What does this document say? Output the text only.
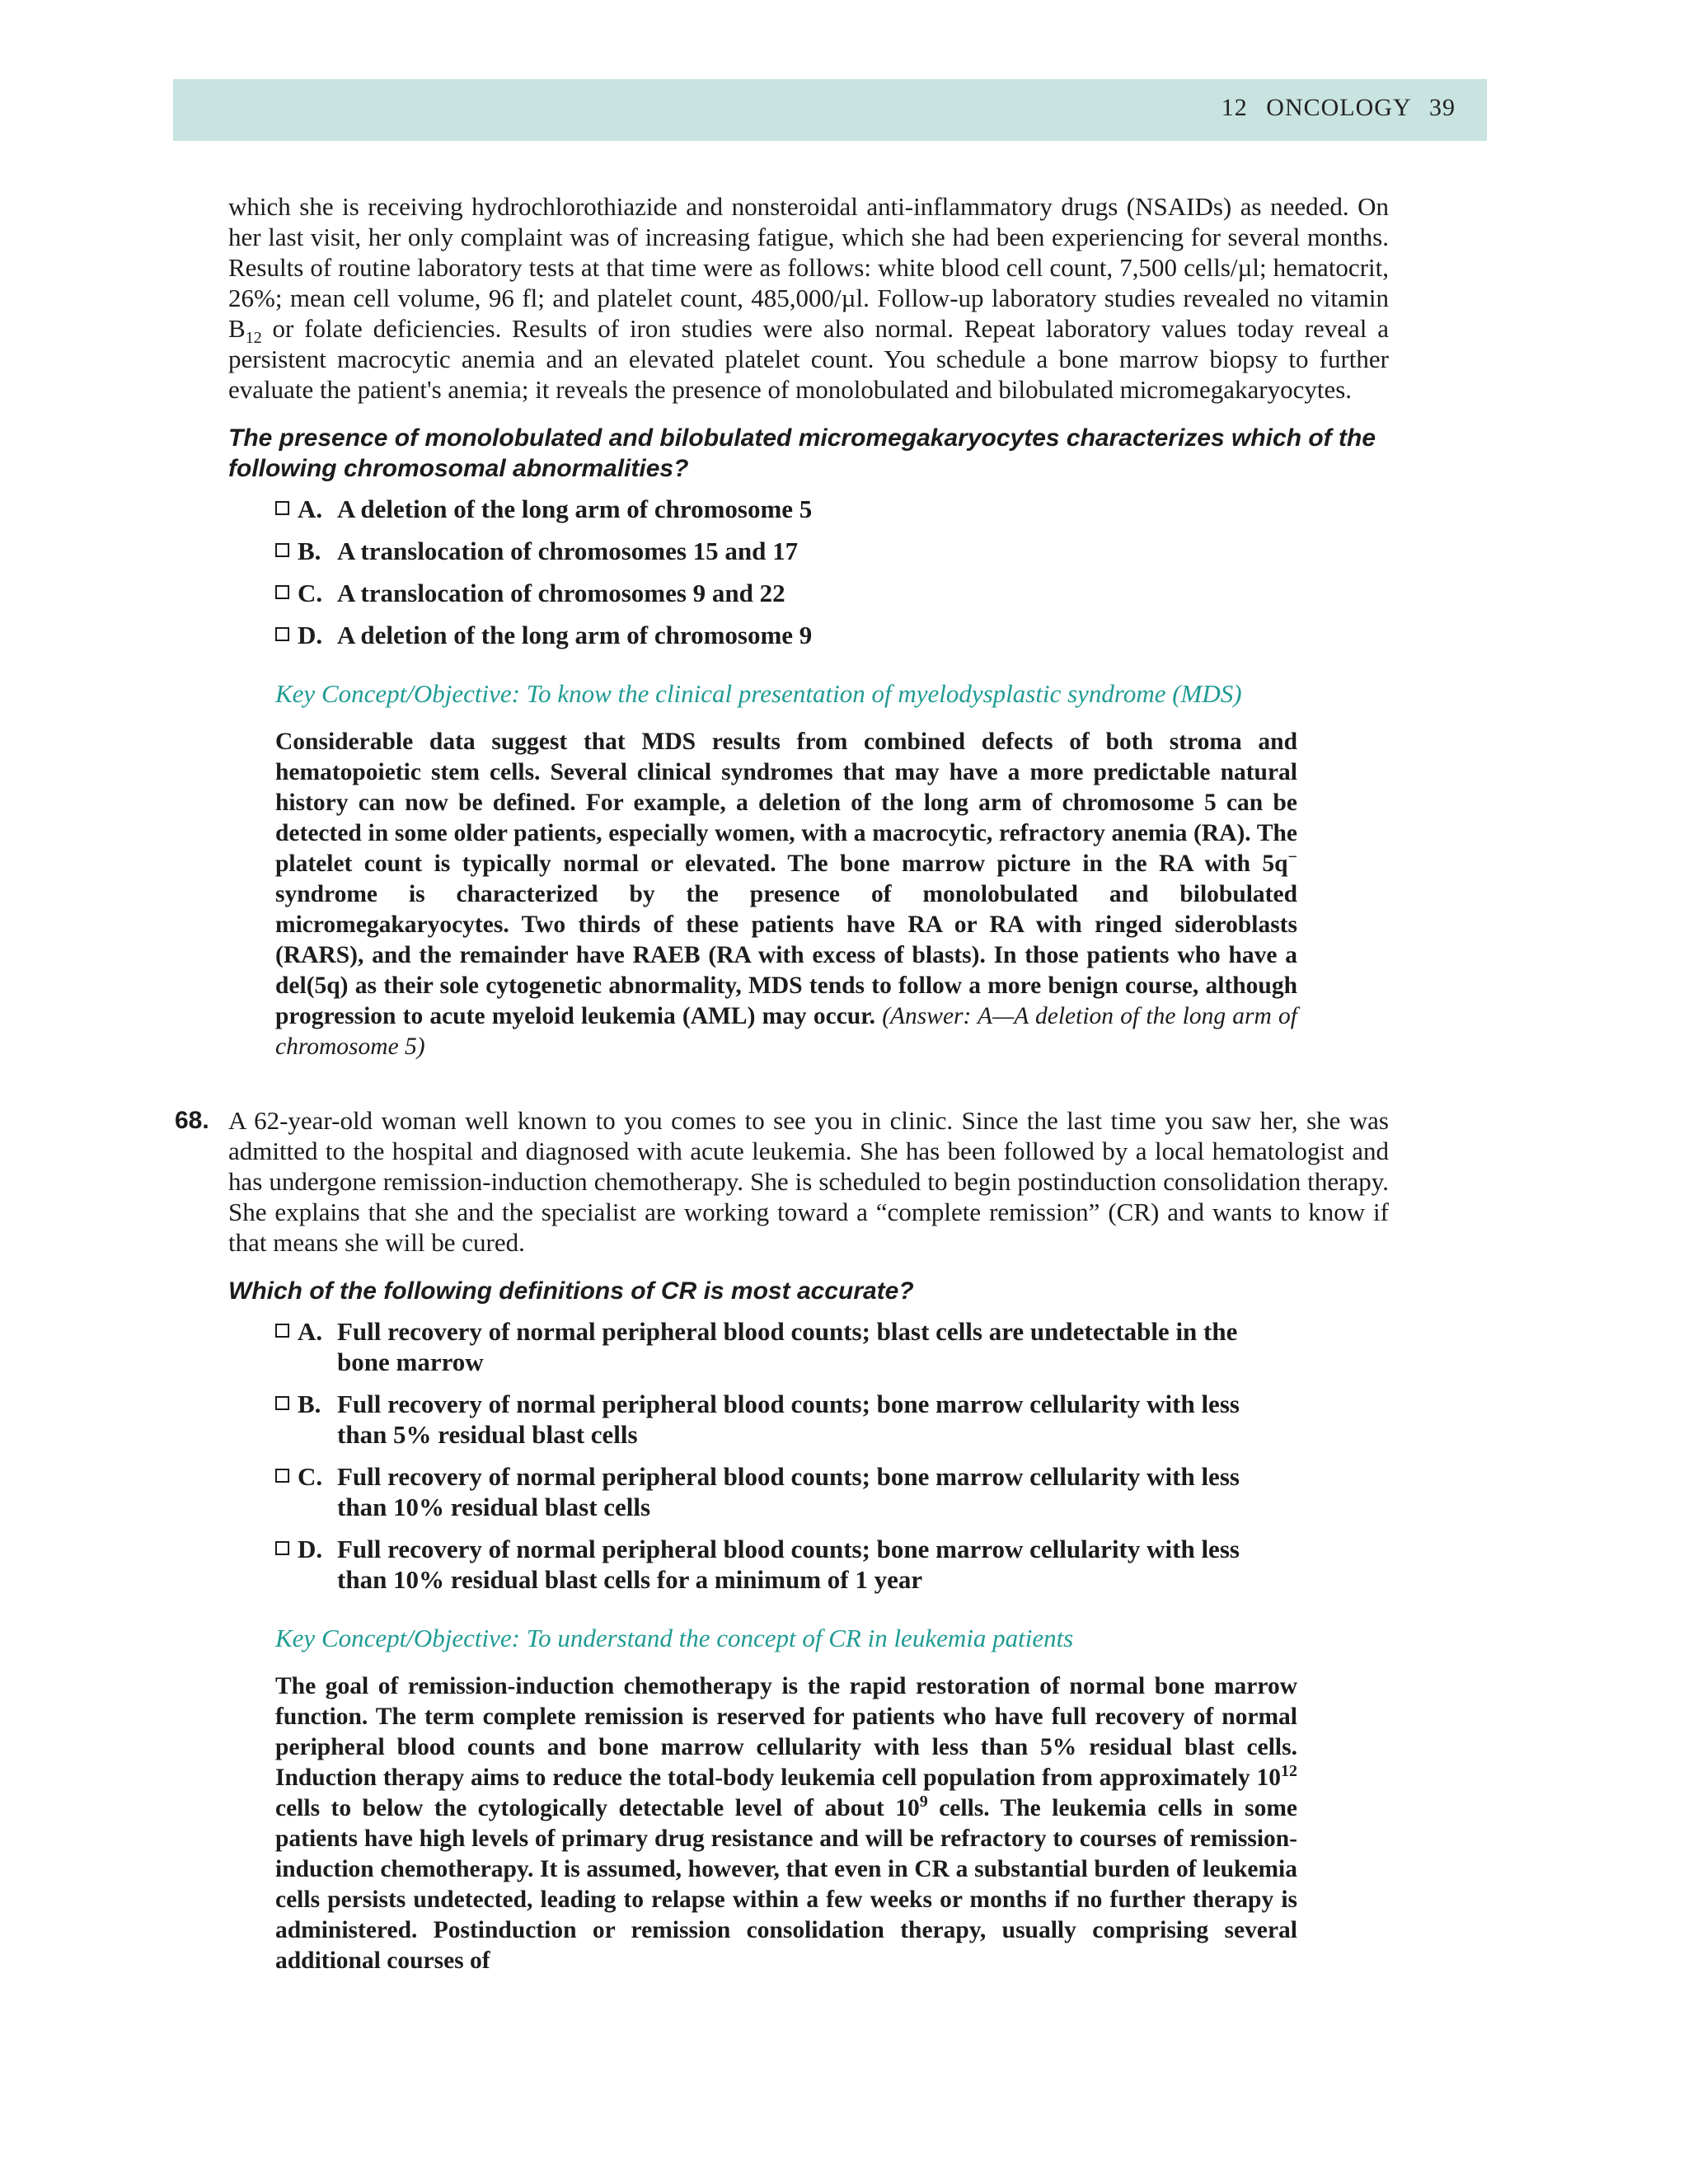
12 ONCOLOGY 39

which she is receiving hydrochlorothiazide and nonsteroidal anti-inflammatory drugs (NSAIDs) as needed. On her last visit, her only complaint was of increasing fatigue, which she had been experiencing for several months. Results of routine laboratory tests at that time were as follows: white blood cell count, 7,500 cells/µl; hematocrit, 26%; mean cell volume, 96 fl; and platelet count, 485,000/µl. Follow-up laboratory studies revealed no vitamin $B_{12}$ or folate deficiencies. Results of iron studies were also normal. Repeat laboratory values today reveal a persistent macrocytic anemia and an elevated platelet count. You schedule a bone marrow biopsy to further evaluate the patient's anemia; it reveals the presence of monolobulated and bilobulated micromegakaryocytes.

The presence of monolobulated and bilobulated micromegakaryocytes characterizes which of the following chromosomal abnormalities?
A. A deletion of the long arm of chromosome 5
B. A translocation of chromosomes 15 and 17
C. A translocation of chromosomes 9 and 22
D. A deletion of the long arm of chromosome 9
Key Concept/Objective: To know the clinical presentation of myelodysplastic syndrome (MDS)

Considerable data suggest that MDS results from combined defects of both stroma and hematopoietic stem cells. Several clinical syndromes that may have a more predictable natural history can now be defined. For example, a deletion of the long arm of chromosome 5 can be detected in some older patients, especially women, with a macrocytic, refractory anemia (RA). The platelet count is typically normal or elevated. The bone marrow picture in the RA with 5q− syndrome is characterized by the presence of monolobulated and bilobulated micromegakaryocytes. Two thirds of these patients have RA or RA with ringed sideroblasts (RARS), and the remainder have RAEB (RA with excess of blasts). In those patients who have a del(5q) as their sole cytogenetic abnormality, MDS tends to follow a more benign course, although progression to acute myeloid leukemia (AML) may occur. (Answer: A—A deletion of the long arm of chromosome 5)

68. A 62-year-old woman well known to you comes to see you in clinic. Since the last time you saw her, she was admitted to the hospital and diagnosed with acute leukemia. She has been followed by a local hematologist and has undergone remission-induction chemotherapy. She is scheduled to begin postinduction consolidation therapy. She explains that she and the specialist are working toward a “complete remission” (CR) and wants to know if that means she will be cured.

Which of the following definitions of CR is most accurate?
A. Full recovery of normal peripheral blood counts; blast cells are undetectable in the bone marrow
B. Full recovery of normal peripheral blood counts; bone marrow cellularity with less than 5% residual blast cells
C. Full recovery of normal peripheral blood counts; bone marrow cellularity with less than 10% residual blast cells
D. Full recovery of normal peripheral blood counts; bone marrow cellularity with less than 10% residual blast cells for a minimum of 1 year
Key Concept/Objective: To understand the concept of CR in leukemia patients

The goal of remission-induction chemotherapy is the rapid restoration of normal bone marrow function. The term complete remission is reserved for patients who have full recovery of normal peripheral blood counts and bone marrow cellularity with less than 5% residual blast cells. Induction therapy aims to reduce the total-body leukemia cell population from approximately $10^{12}$ cells to below the cytologically detectable level of about $10^9$ cells. The leukemia cells in some patients have high levels of primary drug resistance and will be refractory to courses of remission-induction chemotherapy. It is assumed, however, that even in CR a substantial burden of leukemia cells persists undetected, leading to relapse within a few weeks or months if no further therapy is administered. Postinduction or remission consolidation therapy, usually comprising several additional courses of
